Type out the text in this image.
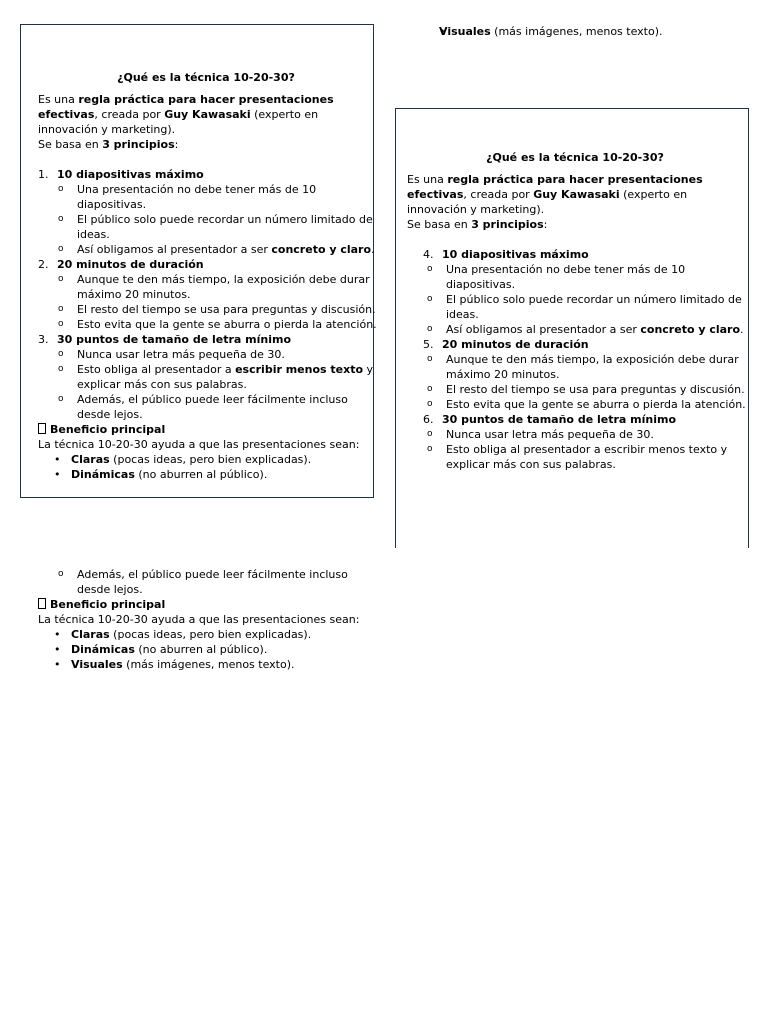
• Visuales (más imágenes, menos texto).

¿Qué es la técnica 10-20-30?

Es una regla práctica para hacer presentaciones efectivas, creada por Guy Kawasaki (experto en innovación y marketing).

Se basa en 3 principios:

1. 10 diapositivas máximo
o Una presentación no debe tener más de 10 diapositivas.
o El público solo puede recordar un número limitado de ideas.
o Así obligamos al presentador a ser concreto y claro.
2. 20 minutos de duración
o Aunque te den más tiempo, la exposición debe durar máximo 20 minutos.
o El resto del tiempo se usa para preguntas y discusión.
o Esto evita que la gente se aburra o pierda la atención.
3. 30 puntos de tamaño de letra mínimo
o Nunca usar letra más pequeña de 30.
o Esto obliga al presentador a escribir menos texto y explicar más con sus palabras.
o Además, el público puede leer fácilmente incluso desde lejos.

Beneficio principal

La técnica 10-20-30 ayuda a que las presentaciones sean:

• Claras (pocas ideas, pero bien explicadas).
• Dinámicas (no aburren al público).
o Además, el público puede leer fácilmente incluso desde lejos.

Beneficio principal

La técnica 10-20-30 ayuda a que las presentaciones sean:

• Claras (pocas ideas, pero bien explicadas).
• Dinámicas (no aburren al público).
• Visuales (más imágenes, menos texto).

¿Qué es la técnica 10-20-30?

Es una regla práctica para hacer presentaciones efectivas, creada por Guy Kawasaki (experto en innovación y marketing).

Se basa en 3 principios:

4. 10 diapositivas máximo
o Una presentación no debe tener más de 10 diapositivas.
o El público solo puede recordar un número limitado de ideas.
o Así obligamos al presentador a ser concreto y claro.
5. 20 minutos de duración
o Aunque te den más tiempo, la exposición debe durar máximo 20 minutos.
o El resto del tiempo se usa para preguntas y discusión.
o Esto evita que la gente se aburra o pierda la atención.
6. 30 puntos de tamaño de letra mínimo
o Nunca usar letra más pequeña de 30.
o Esto obliga al presentador a escribir menos texto y explicar más con sus palabras.
